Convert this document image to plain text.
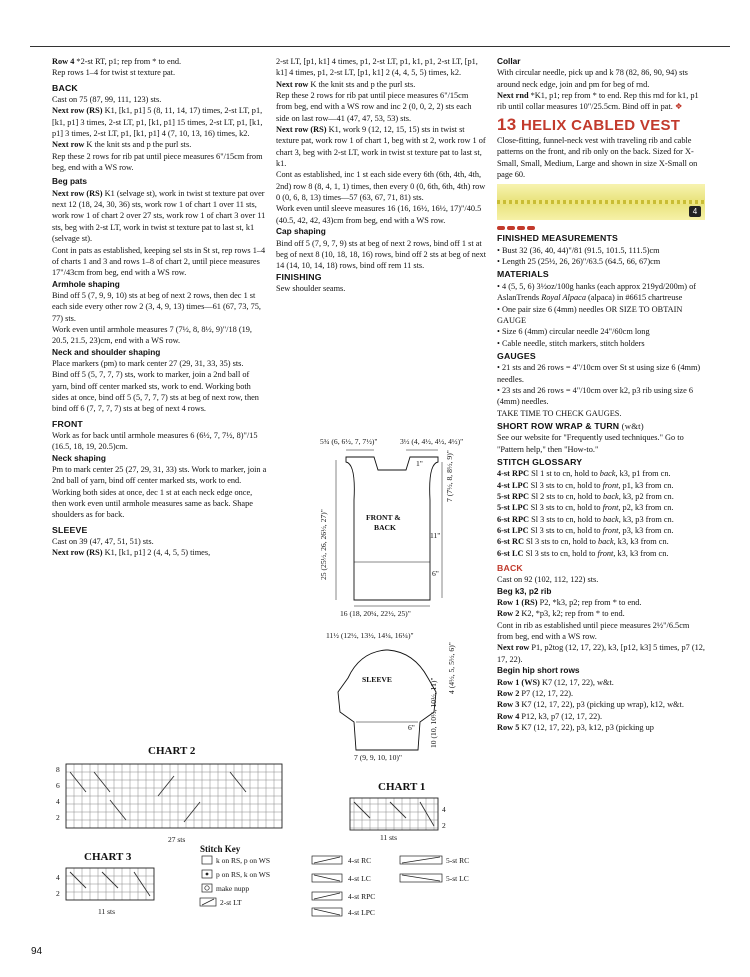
Row 4 *2-st RT, p1; rep from * to end.

Rep rows 1–4 for twist st texture pat.

BACK

Cast on 75 (87, 99, 111, 123) sts.

Next row (RS) K1, [k1, p1] 5 (8, 11, 14, 17) times, 2-st LT, p1, [k1, p1] 3 times, 2-st LT, p1, [k1, p1] 15 times, 2-st LT, p1, [k1, p1] 3 times, 2-st LT, p1, [k1, p1] 4 (7, 10, 13, 16) times, k2.

Next row K the knit sts and p the purl sts.

Rep these 2 rows for rib pat until piece measures 6"/15cm from beg, end with a WS row.

Beg pats

Next row (RS) K1 (selvage st), work in twist st texture pat over next 12 (18, 24, 30, 36) sts, work row 1 of chart 1 over 11 sts, work row 1 of chart 2 over 27 sts, work row 1 of chart 3 over 11 sts, beg with 2-st LT, work in twist st texture pat to last st, k1 (selvage st).

Cont in pats as established, keeping sel sts in St st, rep rows 1–4 of charts 1 and 3 and rows 1–8 of chart 2, until piece measures 17"/43cm from beg, end with a WS row.

Armhole shaping

Bind off 5 (7, 9, 9, 10) sts at beg of next 2 rows, then dec 1 st each side every other row 2 (3, 4, 9, 13) times—61 (67, 73, 75, 77) sts.

Work even until armhole measures 7 (7½, 8, 8½, 9)"/18 (19, 20.5, 21.5, 23)cm, end with a WS row.

Neck and shoulder shaping

Place markers (pm) to mark center 27 (29, 31, 33, 35) sts.

Bind off 5 (5, 7, 7, 7) sts, work to marker, join a 2nd ball of yarn, bind off center marked sts, work to end. Working both sides at once, bind off 5 (5, 7, 7, 7) sts at beg of next row, then bind off 6 (7, 7, 7, 7) sts at beg of next 4 rows.

FRONT

Work as for back until armhole measures 6 (6½, 7, 7½, 8)"/15 (16.5, 18, 19, 20.5)cm.

Neck shaping

Pm to mark center 25 (27, 29, 31, 33) sts. Work to marker, join a 2nd ball of yarn, bind off center marked sts, work to end. Working both sides at once, dec 1 st at each neck edge once, then work even until armhole measures same as back. Shape shoulders as for back.

SLEEVE

Cast on 39 (47, 47, 51, 51) sts.

Next row (RS) K1, [k1, p1] 2 (4, 4, 5, 5) times,

2-st LT, [p1, k1] 4 times, p1, 2-st LT, p1, k1, p1, 2-st LT, [p1, k1] 4 times, p1, 2-st LT, [p1, k1] 2 (4, 4, 5, 5) times, k2.

Next row K the knit sts and p the purl sts.

Rep these 2 rows for rib pat until piece measures 6"/15cm from beg, end with a WS row and inc 2 (0, 0, 2, 2) sts each side on last row—41 (47, 47, 53, 53) sts.

Next row (RS) K1, work 9 (12, 12, 15, 15) sts in twist st texture pat, work row 1 of chart 1, beg with st 2, work row 1 of chart 3, beg with 2-st LT, work in twist st texture pat to last st, k1.

Cont as established, inc 1 st each side every 6th (6th, 4th, 4th, 2nd) row 8 (8, 4, 1, 1) times, then every 0 (0, 6th, 6th, 4th) row 0 (0, 6, 8, 13) times—57 (63, 67, 71, 81) sts.

Work even until sleeve measures 16 (16, 16½, 16½, 17)"/40.5 (40.5, 42, 42, 43)cm from beg, end with a WS row.

Cap shaping

Bind off 5 (7, 9, 7, 9) sts at beg of next 2 rows, bind off 1 st at beg of next 8 (10, 18, 18, 16) rows, bind off 2 sts at beg of next 14 (14, 10, 14, 18) rows, bind off rem 11 sts.

FINISHING

Sew shoulder seams.

Collar

With circular needle, pick up and k 78 (82, 86, 90, 94) sts around neck edge, join and pm for beg of rnd.

Next rnd *K1, p1; rep from * to end. Rep this rnd for k1, p1 rib until collar measures 10"/25.5cm. Bind off in pat. ❖

13 HELIX CABLED VEST

Close-fitting, funnel-neck vest with traveling rib and cable patterns on the front, and rib only on the back. Sized for X-Small, Small, Medium, Large and shown in size X-Small on page 60.

4

FINISHED MEASUREMENTS

• Bust 32 (36, 40, 44)"/81 (91.5, 101.5, 111.5)cm

• Length 25 (25½, 26, 26)"/63.5 (64.5, 66, 67)cm

MATERIALS

• 4 (5, 5, 6) 3½oz/100g hanks (each approx 219yd/200m) of AslanTrends Royal Alpaca (alpaca) in #6615 chartreuse

• One pair size 6 (4mm) needles OR SIZE TO OBTAIN GAUGE

• Size 6 (4mm) circular needle 24"/60cm long

• Cable needle, stitch markers, stitch holders

GAUGES

• 21 sts and 26 rows = 4"/10cm over St st using size 6 (4mm) needles.

• 23 sts and 26 rows = 4"/10cm over k2, p3 rib using size 6 (4mm) needles.

TAKE TIME TO CHECK GAUGES.

SHORT ROW WRAP & TURN (w&t)

See our website for "Frequently used techniques." Go to "Pattern help," then "How-to."

STITCH GLOSSARY

4-st RPC Sl 1 st to cn, hold to back, k3, p1 from cn.

4-st LPC Sl 3 sts to cn, hold to front, p1, k3 from cn.

5-st RPC Sl 2 sts to cn, hold to back, k3, p2 from cn.

5-st LPC Sl 3 sts to cn, hold to front, p2, k3 from cn.

6-st RPC Sl 3 sts to cn, hold to back, k3, p3 from cn.

6-st LPC Sl 3 sts to cn, hold to front, p3, k3 from cn.

6-st RC Sl 3 sts to cn, hold to back, k3, k3 from cn.

6-st LC Sl 3 sts to cn, hold to front, k3, k3 from cn.

BACK

Cast on 92 (102, 112, 122) sts.

Beg k3, p2 rib

Row 1 (RS) P2, *k3, p2; rep from * to end.

Row 2 K2, *p3, k2; rep from * to end.

Cont in rib as established until piece measures 2½"/6.5cm from beg, end with a WS row.

Next row P1, p2tog (12, 17, 22), k3, [p12, k3] 5 times, p7 (12, 17, 22).

Begin hip short rows

Row 1 (WS) K7 (12, 17, 22), w&t.

Row 2 P7 (12, 17, 22).

Row 3 K7 (12, 17, 22), p3 (picking up wrap), k12, w&t.

Row 4 P12, k3, p7 (12, 17, 22).

Row 5 K7 (12, 17, 22), p3, k12, p3 (picking up

5¾ (6, 6½, 7, 7½)"	3½ (4, 4½, 4½, 4½)"
1"
FRONT &
BACK
7 (7½, 8, 8½, 9)"
11"
6"
25 (25½, 26, 26½, 27)"
16 (18, 20¼, 22½, 25)"
11½ (12½, 13½, 14¼, 16¼)"
SLEEVE	4 (4½, 5, 5½, 6)"
10 (10, 10½, 10½, 11)"
6"
7 (9, 9, 10, 10)"
CHART 2
8
6
4
2
27 sts
CHART 1
4
2
11 sts
CHART 3
4
2
11 sts
Stitch Key
k on RS, p on WS
p on RS, k on WS
make nupp
2-st LT
4-st RC
4-st LC
4-st RPC
4-st LPC
5-st RC
5-st LC
94
